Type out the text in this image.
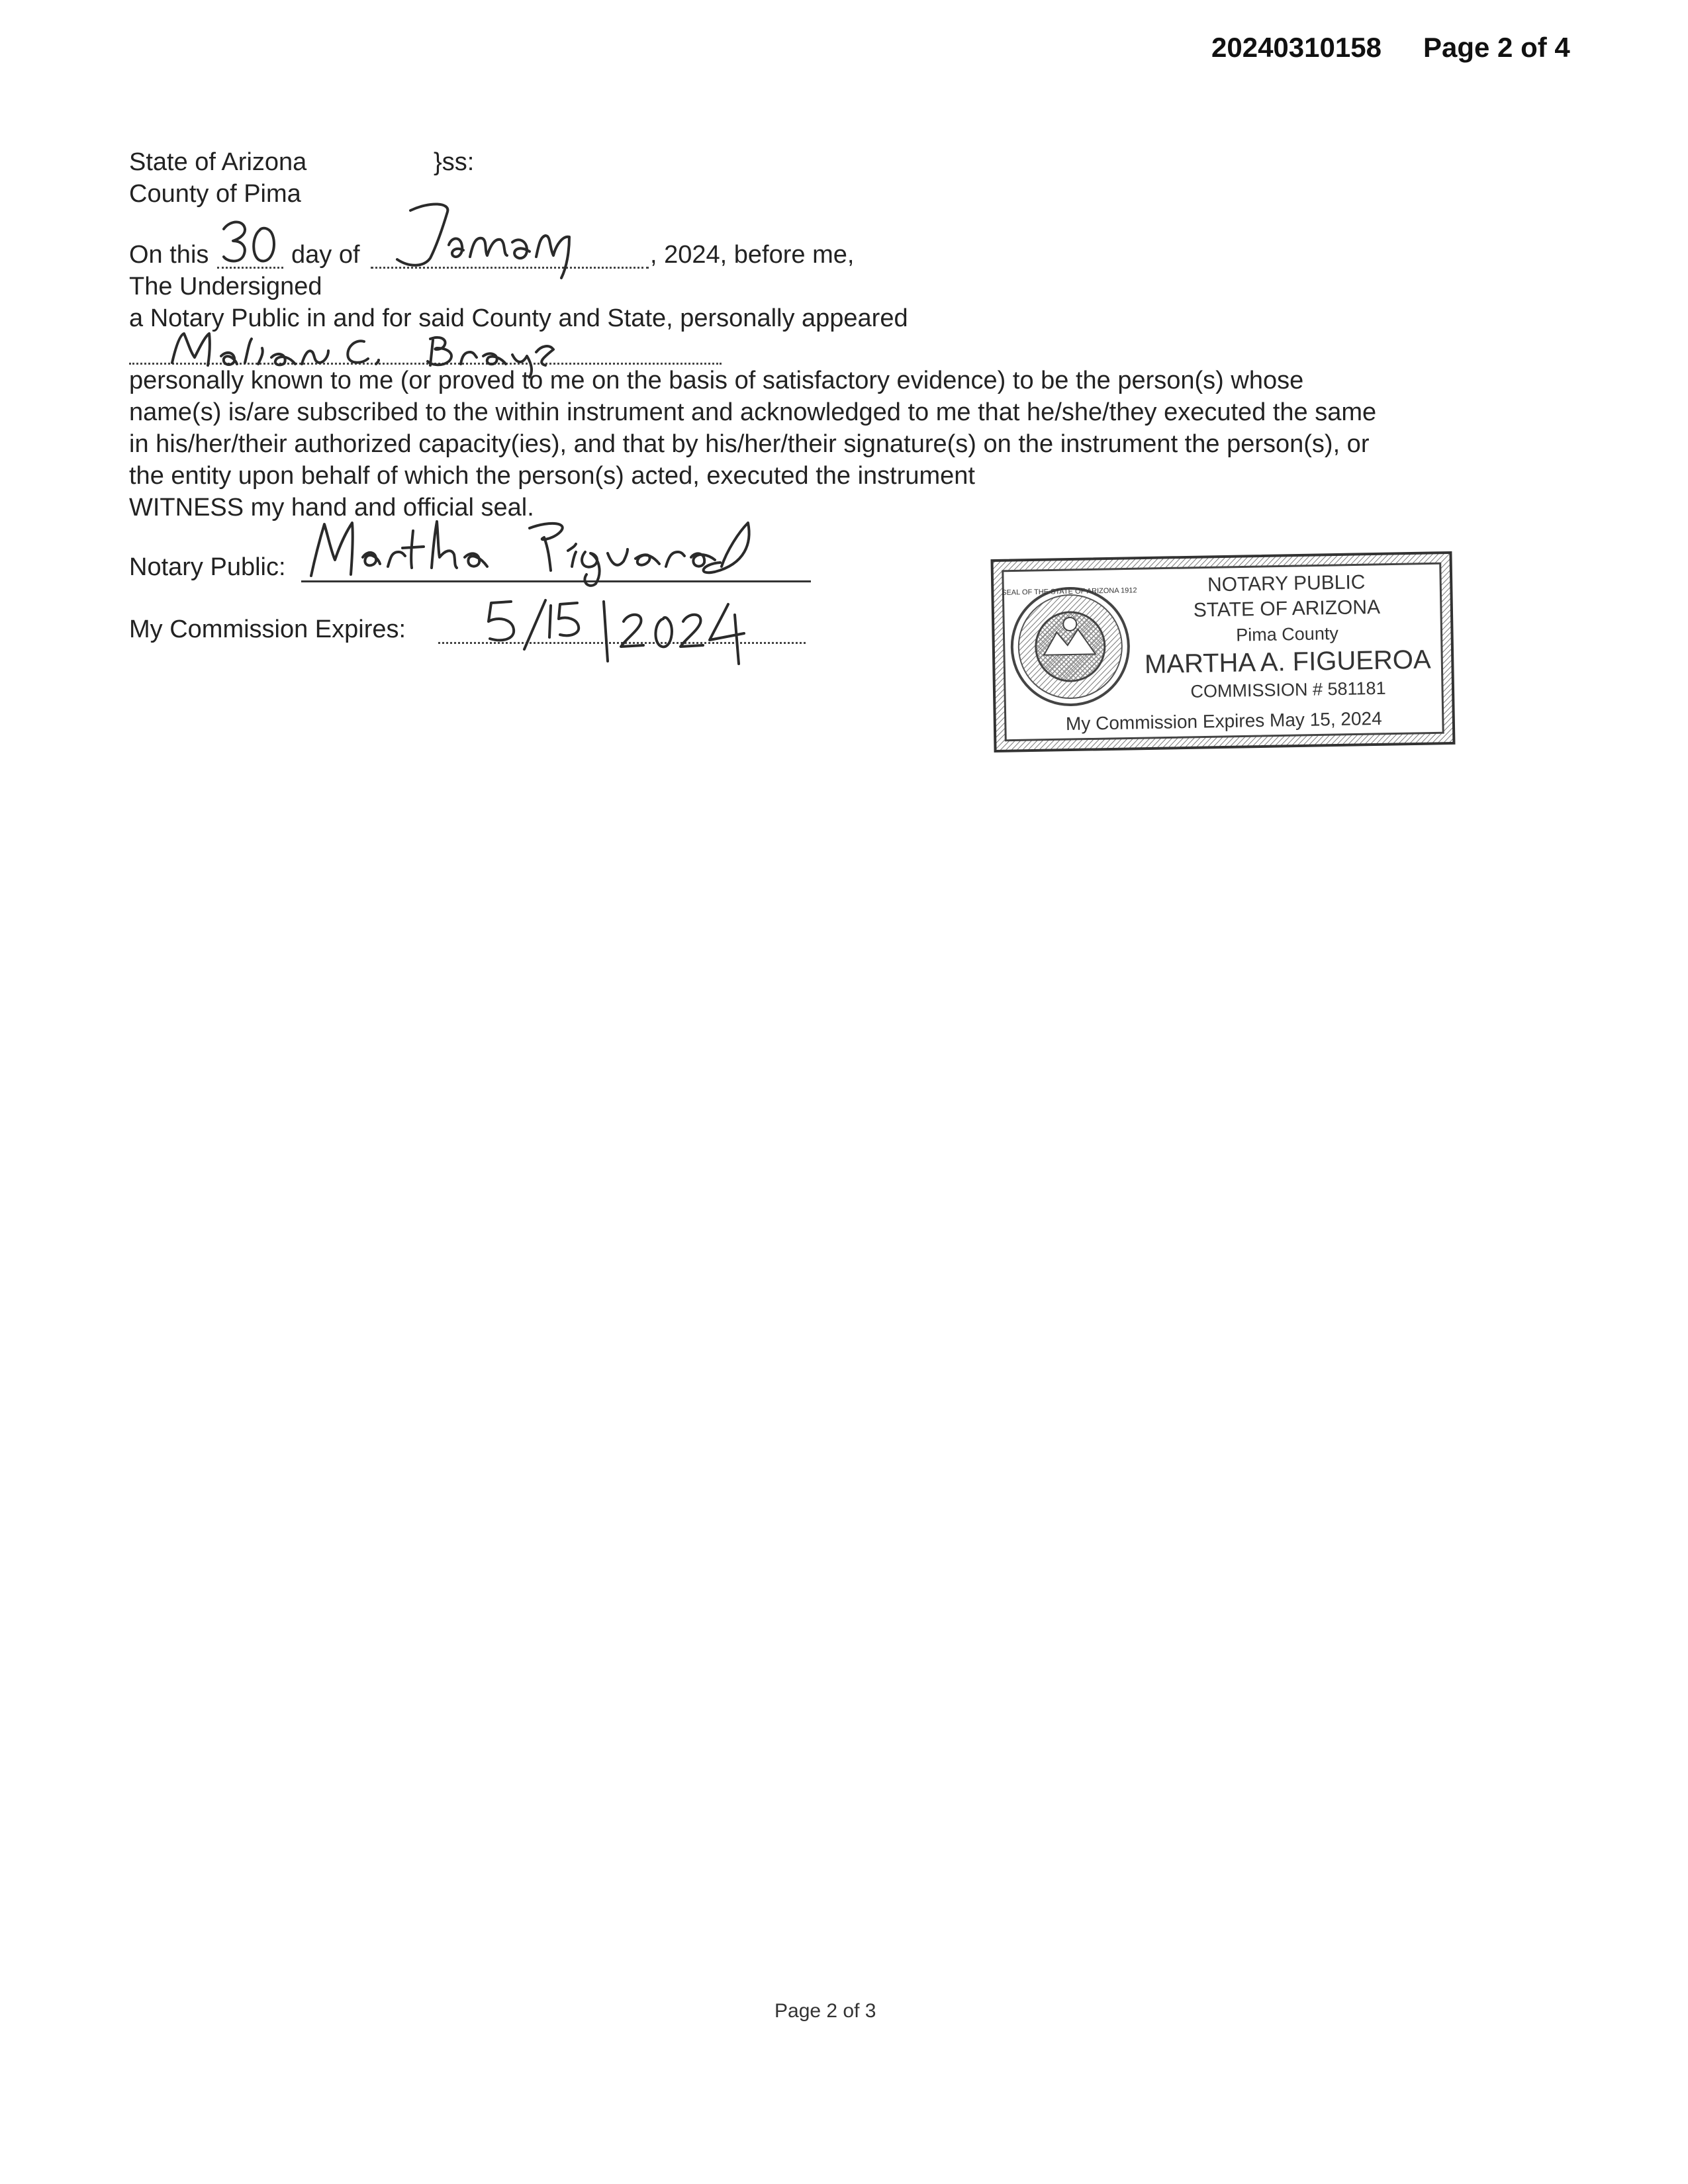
20240310158 Page 2 of 4
State of Arizona	}ss:
County of Pima
On this	day of	, 2024, before me,
The Undersigned
a Notary Public in and for said County and State, personally appeared
personally known to me (or proved to me on the basis of satisfactory evidence) to be the person(s) whose
name(s) is/are subscribed to the within instrument and acknowledged to me that he/she/they executed the same
in his/her/their authorized capacity(ies), and that by his/her/their signature(s) on the instrument the person(s), or
the entity upon behalf of which the person(s) acted, executed the instrument
WITNESS my hand and official seal.
Notary Public:
My Commission Expires:
SEAL OF THE STATE OF ARIZONA 1912	NOTARY PUBLIC
STATE OF ARIZONA
Pima County
MARTHA A. FIGUEROA
COMMISSION # 581181
My Commission Expires May 15, 2024
Page 2 of 3
